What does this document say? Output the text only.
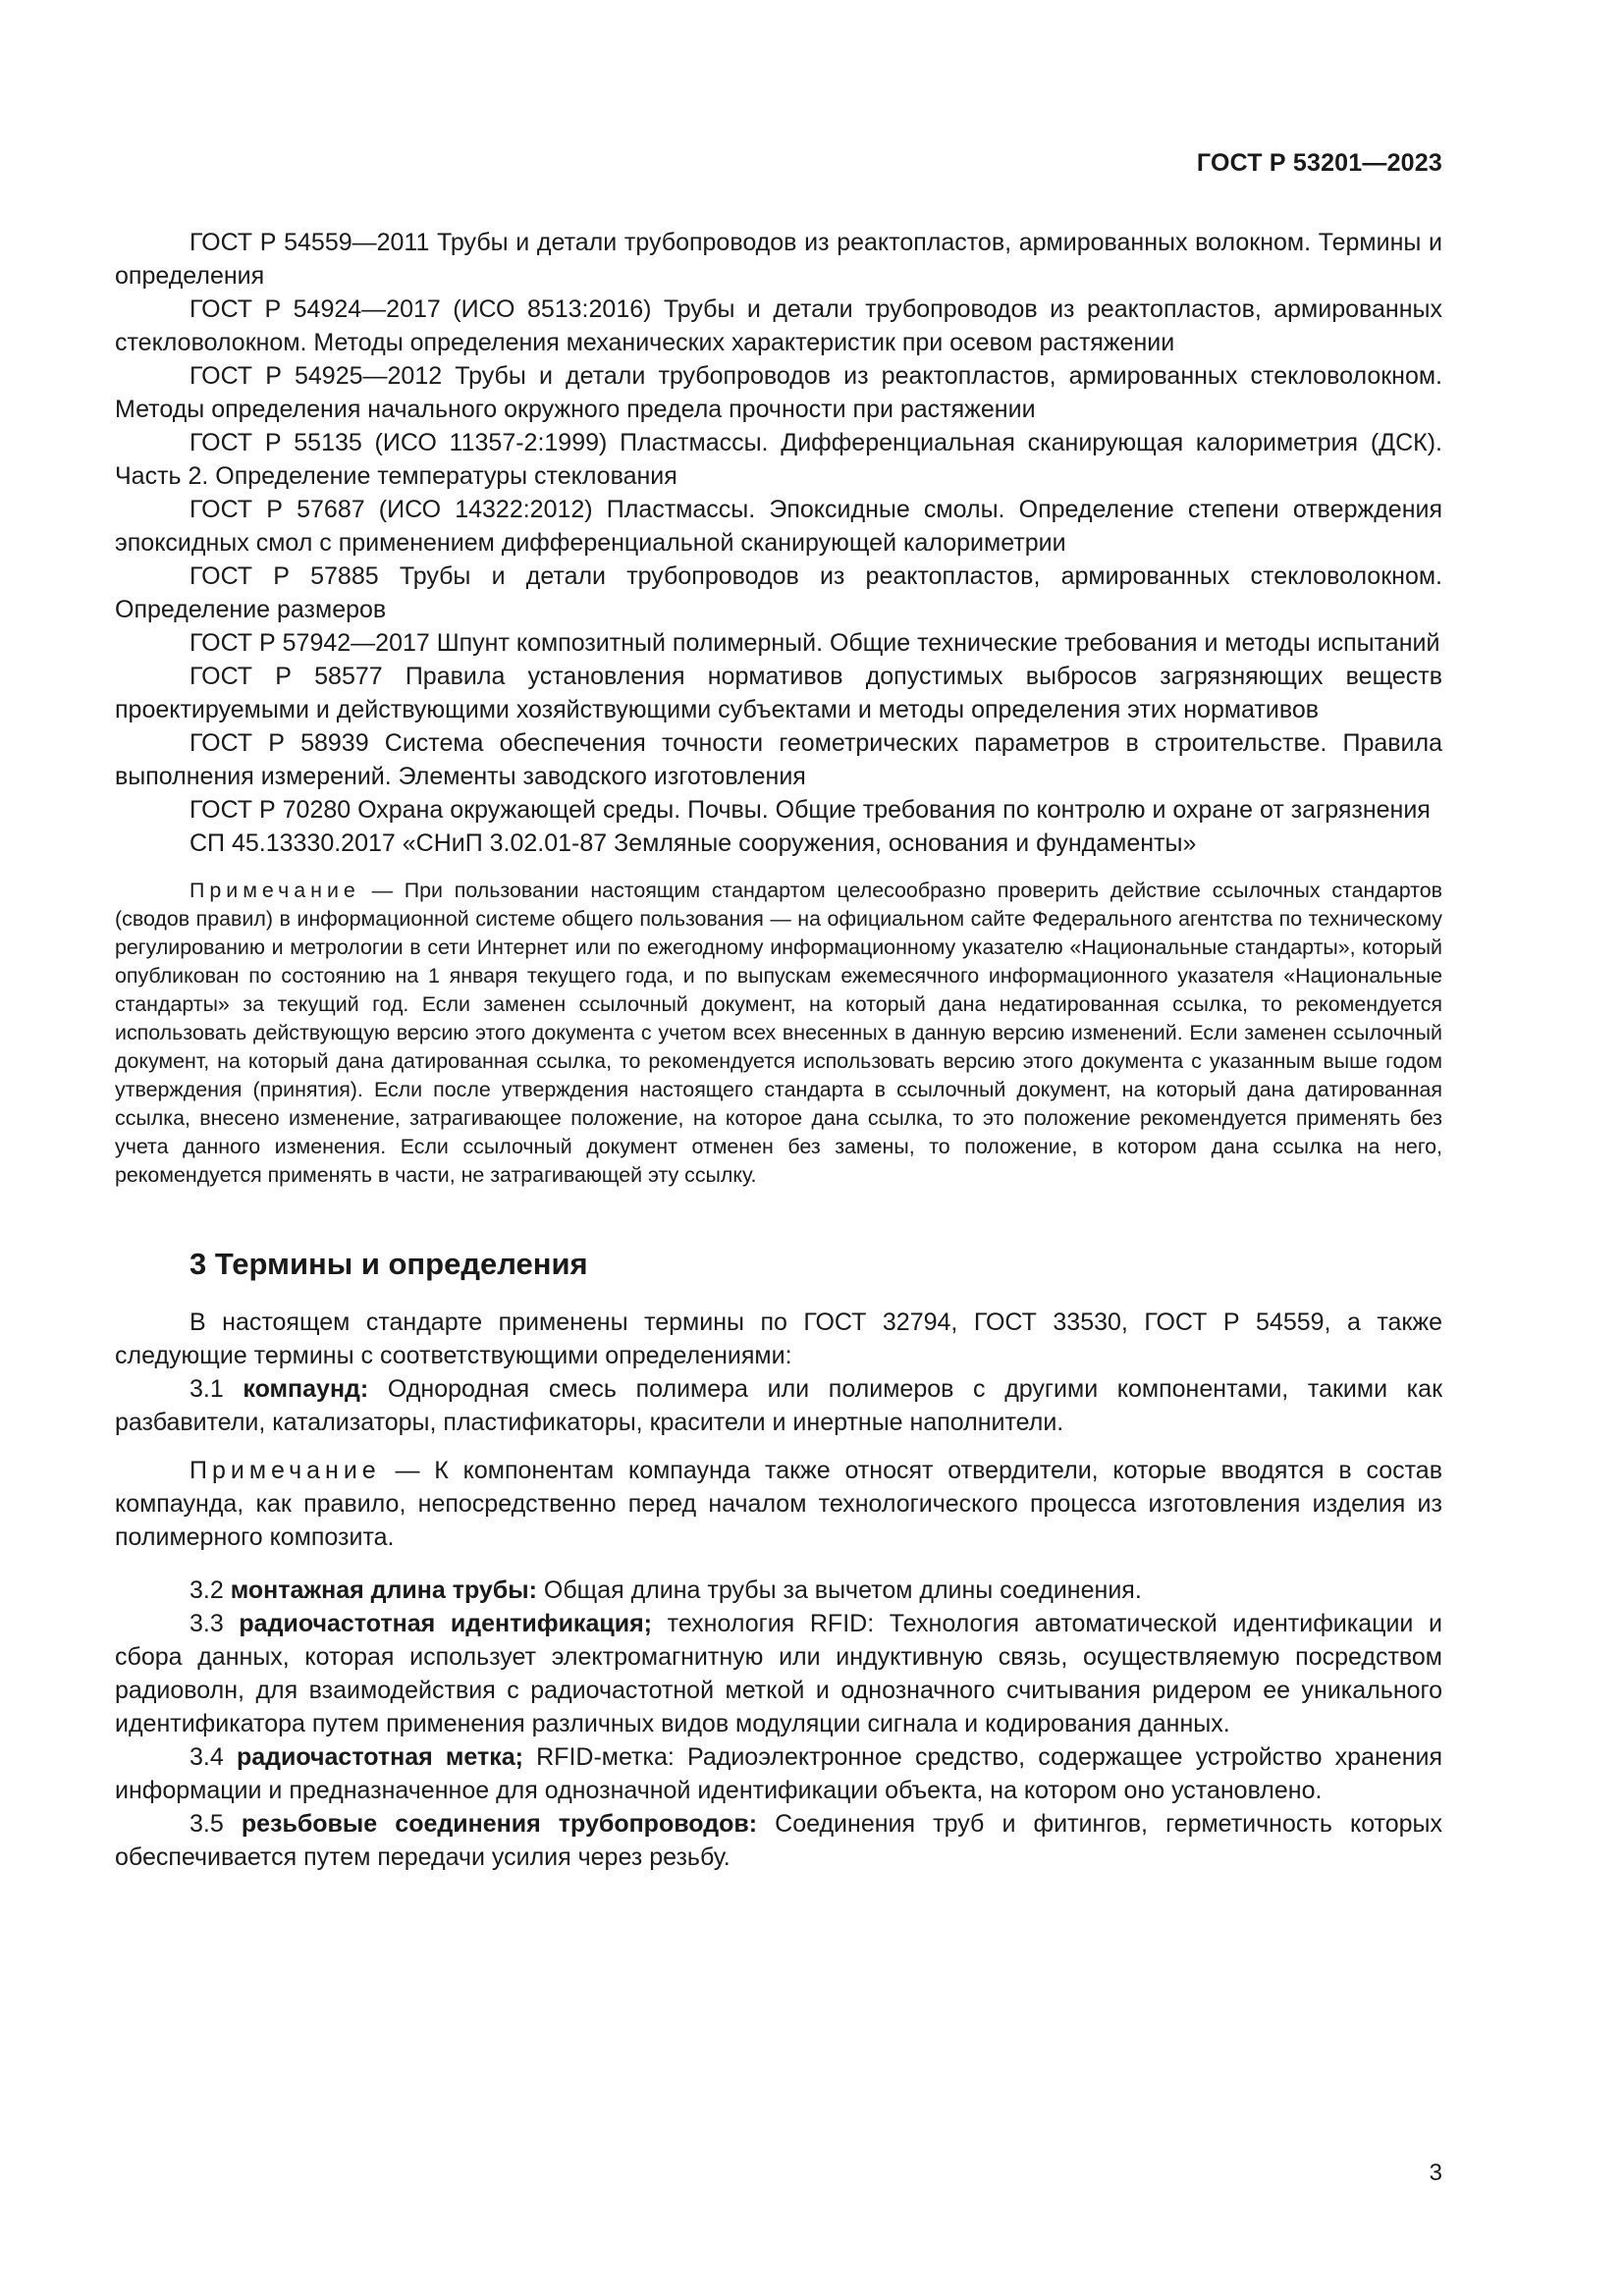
ГОСТ Р 53201—2023

ГОСТ Р 54559—2011 Трубы и детали трубопроводов из реактопластов, армированных волокном. Термины и определения

ГОСТ Р 54924—2017 (ИСО 8513:2016) Трубы и детали трубопроводов из реактопластов, армированных стекловолокном. Методы определения механических характеристик при осевом растяжении

ГОСТ Р 54925—2012 Трубы и детали трубопроводов из реактопластов, армированных стекловолокном. Методы определения начального окружного предела прочности при растяжении

ГОСТ Р 55135 (ИСО 11357-2:1999) Пластмассы. Дифференциальная сканирующая калориметрия (ДСК). Часть 2. Определение температуры стеклования

ГОСТ Р 57687 (ИСО 14322:2012) Пластмассы. Эпоксидные смолы. Определение степени отверждения эпоксидных смол с применением дифференциальной сканирующей калориметрии

ГОСТ Р 57885 Трубы и детали трубопроводов из реактопластов, армированных стекловолокном. Определение размеров

ГОСТ Р 57942—2017 Шпунт композитный полимерный. Общие технические требования и методы испытаний

ГОСТ Р 58577 Правила установления нормативов допустимых выбросов загрязняющих веществ проектируемыми и действующими хозяйствующими субъектами и методы определения этих нормативов

ГОСТ Р 58939 Система обеспечения точности геометрических параметров в строительстве. Правила выполнения измерений. Элементы заводского изготовления

ГОСТ Р 70280 Охрана окружающей среды. Почвы. Общие требования по контролю и охране от загрязнения

СП 45.13330.2017 «СНиП 3.02.01-87 Земляные сооружения, основания и фундаменты»

Примечание — При пользовании настоящим стандартом целесообразно проверить действие ссылочных стандартов (сводов правил) в информационной системе общего пользования — на официальном сайте Федерального агентства по техническому регулированию и метрологии в сети Интернет или по ежегодному информационному указателю «Национальные стандарты», который опубликован по состоянию на 1 января текущего года, и по выпускам ежемесячного информационного указателя «Национальные стандарты» за текущий год. Если заменен ссылочный документ, на который дана недатированная ссылка, то рекомендуется использовать действующую версию этого документа с учетом всех внесенных в данную версию изменений. Если заменен ссылочный документ, на который дана датированная ссылка, то рекомендуется использовать версию этого документа с указанным выше годом утверждения (принятия). Если после утверждения настоящего стандарта в ссылочный документ, на который дана датированная ссылка, внесено изменение, затрагивающее положение, на которое дана ссылка, то это положение рекомендуется применять без учета данного изменения. Если ссылочный документ отменен без замены, то положение, в котором дана ссылка на него, рекомендуется применять в части, не затрагивающей эту ссылку.

3 Термины и определения

В настоящем стандарте применены термины по ГОСТ 32794, ГОСТ 33530, ГОСТ Р 54559, а также следующие термины с соответствующими определениями:

3.1 компаунд: Однородная смесь полимера или полимеров с другими компонентами, такими как разбавители, катализаторы, пластификаторы, красители и инертные наполнители.

Примечание — К компонентам компаунда также относят отвердители, которые вводятся в состав компаунда, как правило, непосредственно перед началом технологического процесса изготовления изделия из полимерного композита.

3.2 монтажная длина трубы: Общая длина трубы за вычетом длины соединения.

3.3 радиочастотная идентификация; технология RFID: Технология автоматической идентификации и сбора данных, которая использует электромагнитную или индуктивную связь, осуществляемую посредством радиоволн, для взаимодействия с радиочастотной меткой и однозначного считывания ридером ее уникального идентификатора путем применения различных видов модуляции сигнала и кодирования данных.

3.4 радиочастотная метка; RFID-метка: Радиоэлектронное средство, содержащее устройство хранения информации и предназначенное для однозначной идентификации объекта, на котором оно установлено.

3.5 резьбовые соединения трубопроводов: Соединения труб и фитингов, герметичность которых обеспечивается путем передачи усилия через резьбу.

3
